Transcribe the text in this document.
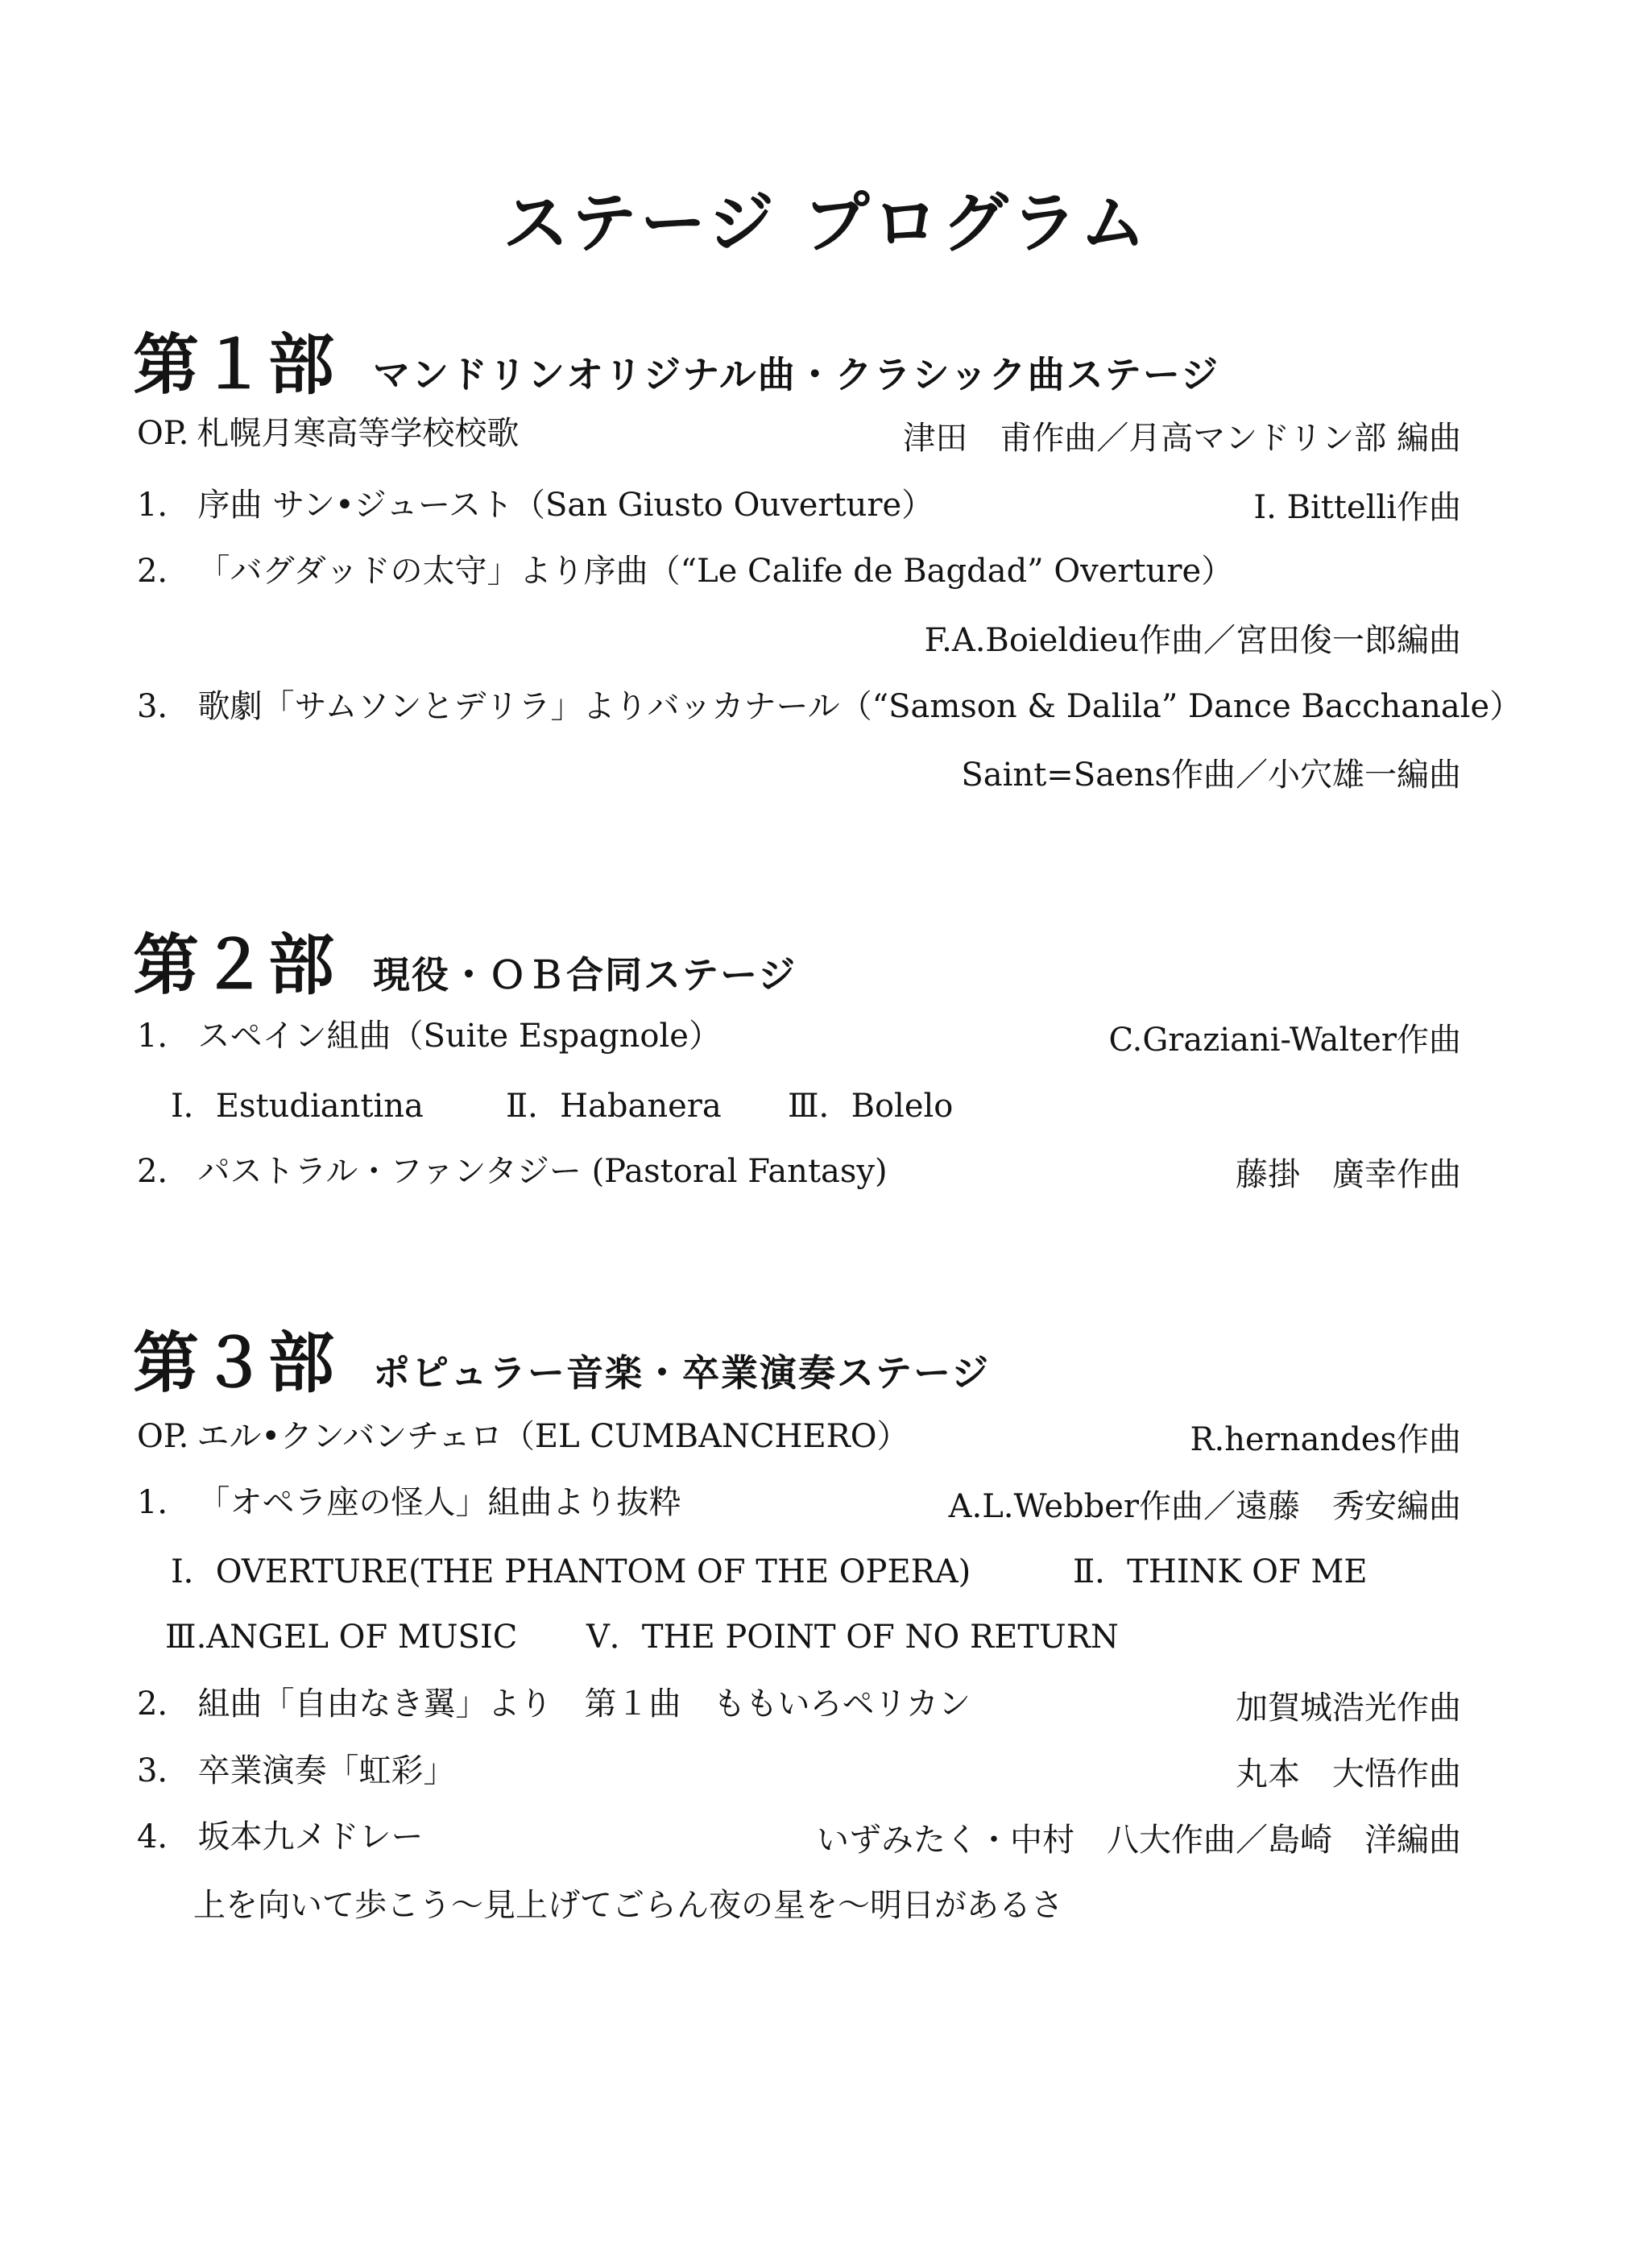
ステージ プログラム
第１部 マンドリンオリジナル曲・クラシック曲ステージ
OP. 札幌月寒高等学校校歌	津田　甫作曲／月高マンドリン部 編曲
1． 序曲 サン•ジュースト（San Giusto Ouverture）	I. Bittelli作曲
2． 「バグダッドの太守」より序曲（“Le Calife de Bagdad” Overture）
F.A.Boieldieu作曲／宮田俊一郎編曲
3． 歌劇「サムソンとデリラ」よりバッカナール（“Samson & Dalila” Dance Bacchanale）
Saint=Saens作曲／小穴雄一編曲
第２部 現役・ＯＢ合同ステージ
1． スペイン組曲（Suite Espagnole）	C.Graziani-Walter作曲
Ⅰ．Estudiantina	Ⅱ．Habanera Ⅲ．Bolelo
2． パストラル・ファンタジー (Pastoral Fantasy)	藤掛　廣幸作曲
第３部 ポピュラー音楽・卒業演奏ステージ
OP. エル•クンバンチェロ（EL CUMBANCHERO）	R.hernandes作曲
1． 「オペラ座の怪人」組曲より抜粋	A.L.Webber作曲／遠藤　秀安編曲
Ⅰ．OVERTURE(THE PHANTOM OF THE OPERA)	Ⅱ．THINK OF ME
Ⅲ.ANGEL OF MUSIC Ⅴ．THE POINT OF NO RETURN
2． 組曲「自由なき翼」より　第１曲　ももいろペリカン	加賀城浩光作曲
3． 卒業演奏「虹彩」	丸本　大悟作曲
4． 坂本九メドレー	いずみたく・中村　八大作曲／島崎　洋編曲
上を向いて歩こう～見上げてごらん夜の星を～明日があるさ
